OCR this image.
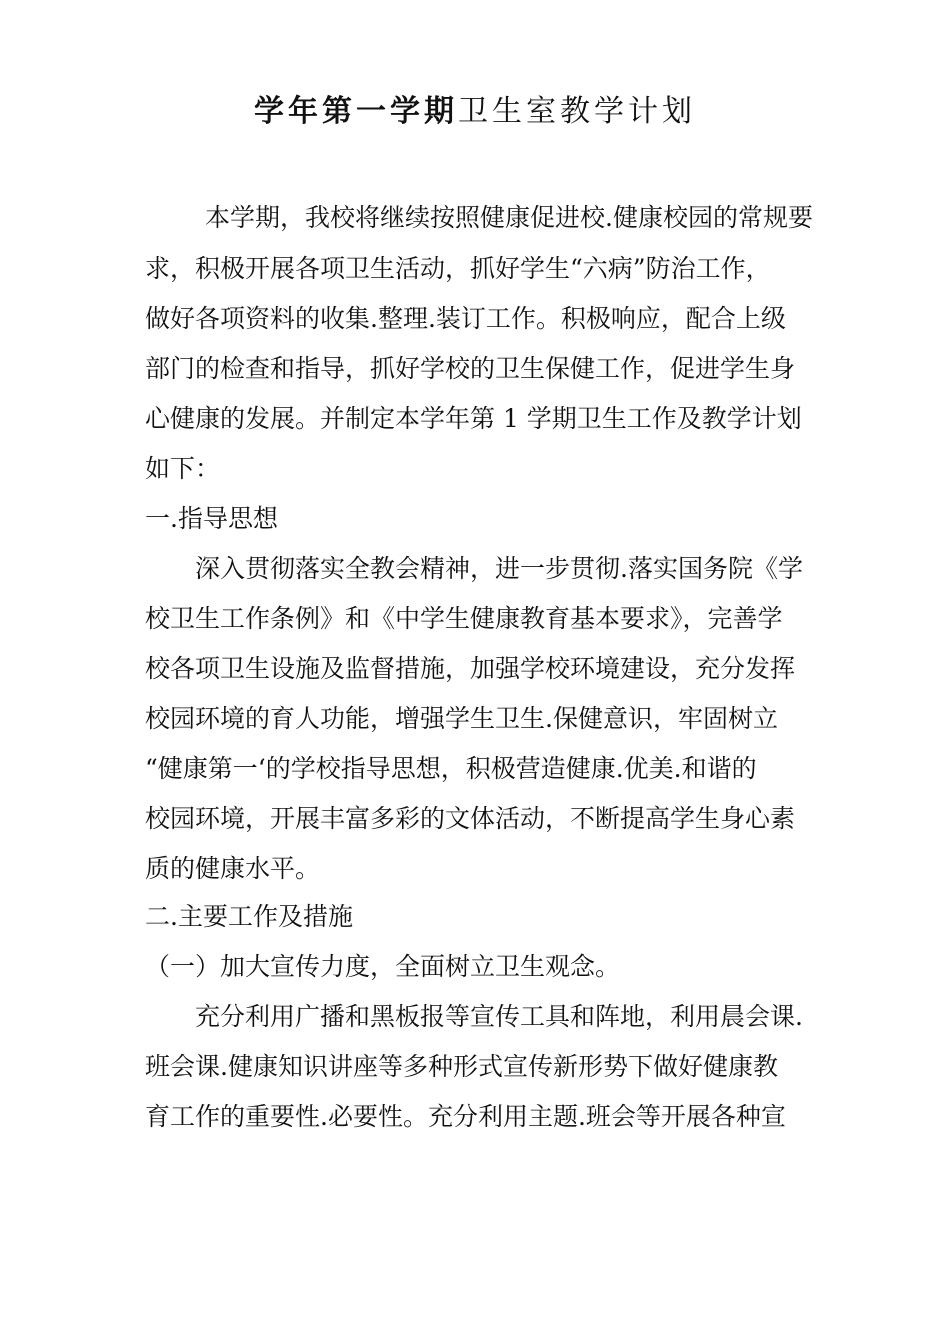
学年第一学期卫生室教学计划
　本学期，我校将继续按照健康促进校.健康校园的常规要
求，积极开展各项卫生活动，抓好学生“六病”防治工作，
做好各项资料的收集.整理.装订工作。积极响应，配合上级
部门的检查和指导，抓好学校的卫生保健工作，促进学生身
心健康的发展。并制定本学年第 1 学期卫生工作及教学计划
如下：
一.指导思想
　深入贯彻落实全教会精神，进一步贯彻.落实国务院《学
校卫生工作条例》和《中学生健康教育基本要求》，完善学
校各项卫生设施及监督措施，加强学校环境建设，充分发挥
校园环境的育人功能，增强学生卫生.保健意识，牢固树立
“健康第一‘的学校指导思想，积极营造健康.优美.和谐的
校园环境，开展丰富多彩的文体活动，不断提高学生身心素
质的健康水平。
二.主要工作及措施
（一）加大宣传力度，全面树立卫生观念。
　充分利用广播和黑板报等宣传工具和阵地，利用晨会课.
班会课.健康知识讲座等多种形式宣传新形势下做好健康教
育工作的重要性.必要性。充分利用主题.班会等开展各种宣
